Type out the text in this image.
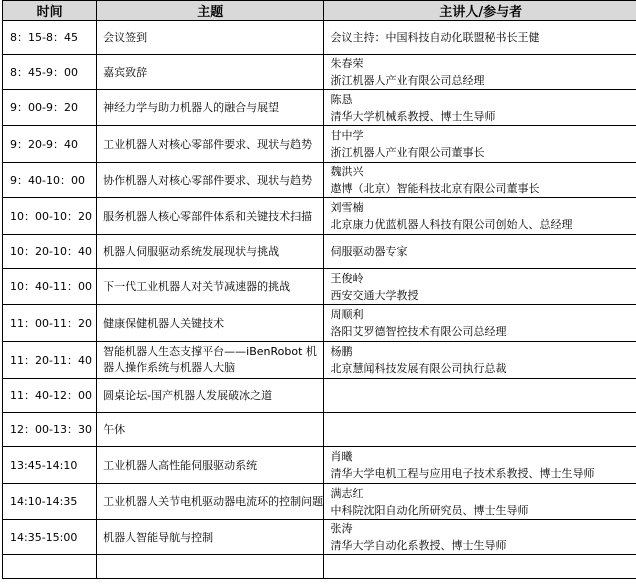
时间	主题	主讲人/参与者
8：15-8：45	会议签到	会议主持：中国科技自动化联盟秘书长王健

8：45-9：00	嘉宾致辞	朱春荣
浙江机器人产业有限公司总经理

9：00-9：20	神经力学与助力机器人的融合与展望	陈恳
清华大学机械系教授、博士生导师

9：20-9：40	工业机器人对核心零部件要求、现状与趋势	甘中学
浙江机器人产业有限公司董事长

9：40-10：00	协作机器人对核心零部件要求、现状与趋势	魏洪兴
遨博（北京）智能科技北京有限公司董事长

10：00-10：20	服务机器人核心零部件体系和关键技术扫描	刘雪楠
北京康力优蓝机器人科技有限公司创始人、总经理

10：20-10：40	机器人伺服驱动系统发展现状与挑战	伺服驱动器专家

10：40-11：00	下一代工业机器人对关节减速器的挑战	王俊岭
西安交通大学教授

11：00-11：20	健康保健机器人关键技术	周顺利
洛阳艾罗德智控技术有限公司总经理

11：20-11：40	智能机器人生态支撑平台——iBenRobot 机器人操作系统与机器人大脑	杨鹏
北京慧闻科技发展有限公司执行总裁

11：40-12：00	圆桌论坛-国产机器人发展破冰之道	

12：00-13：30	午休	

13:45-14:10	工业机器人高性能伺服驱动系统	肖曦
清华大学电机工程与应用电子技术系教授、博士生导师

14:10-14:35	工业机器人关节电机驱动器电流环的控制问题	满志红
中科院沈阳自动化所研究员、博士生导师

14:35-15:00	机器人智能导航与控制	张涛
清华大学自动化系教授、博士生导师
